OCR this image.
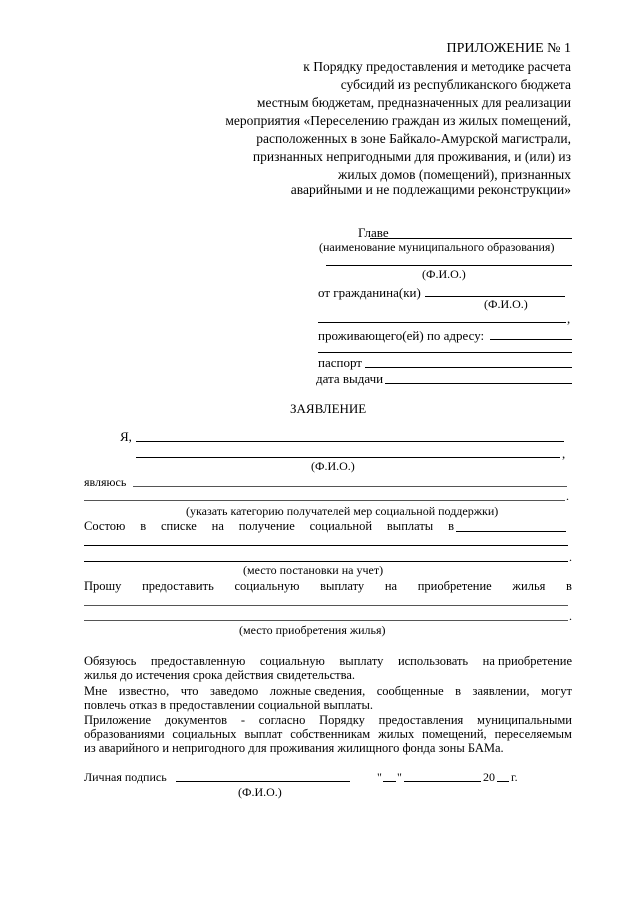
ПРИЛОЖЕНИЕ № 1
к Порядку предоставления и методике расчета
субсидий из республиканского бюджета
местным бюджетам, предназначенных для реализации
мероприятия «Переселению граждан из жилых помещений,
расположенных в зоне Байкало-Амурской магистрали,
признанных непригодными для проживания, и (или) из
жилых домов (помещений), признанных
аварийными и не подлежащими реконструкции»
Главе
(наименование муниципального образования)
(Ф.И.О.)
от гражданина(ки)
(Ф.И.О.)
,
проживающего(ей) по адресу:
паспорт
дата выдачи
ЗАЯВЛЕНИЕ
Я,
,
(Ф.И.О.)
являюсь
.
(указать категорию получателей мер социальной поддержки)
Состою в списке на получение социальной выплаты в
.
(место постановки на учет)
Прошу предоставить социальную выплату на приобретение жилья в
.
(место приобретения жилья)
Обязуюсь предоставленную социальную выплату использовать на приобретение
жилья до истечения срока действия свидетельства.
Мне известно, что заведомо ложные сведения, сообщенные в заявлении, могут
повлечь отказ в предоставлении социальной выплаты.
Приложение документов - согласно Порядку предоставления муниципальными
образованиями социальных выплат собственникам жилых помещений, переселяемым
из аварийного и непригодного для проживания жилищного фонда зоны БАМа.
Личная подпись	" "	20 г.
(Ф.И.О.)
